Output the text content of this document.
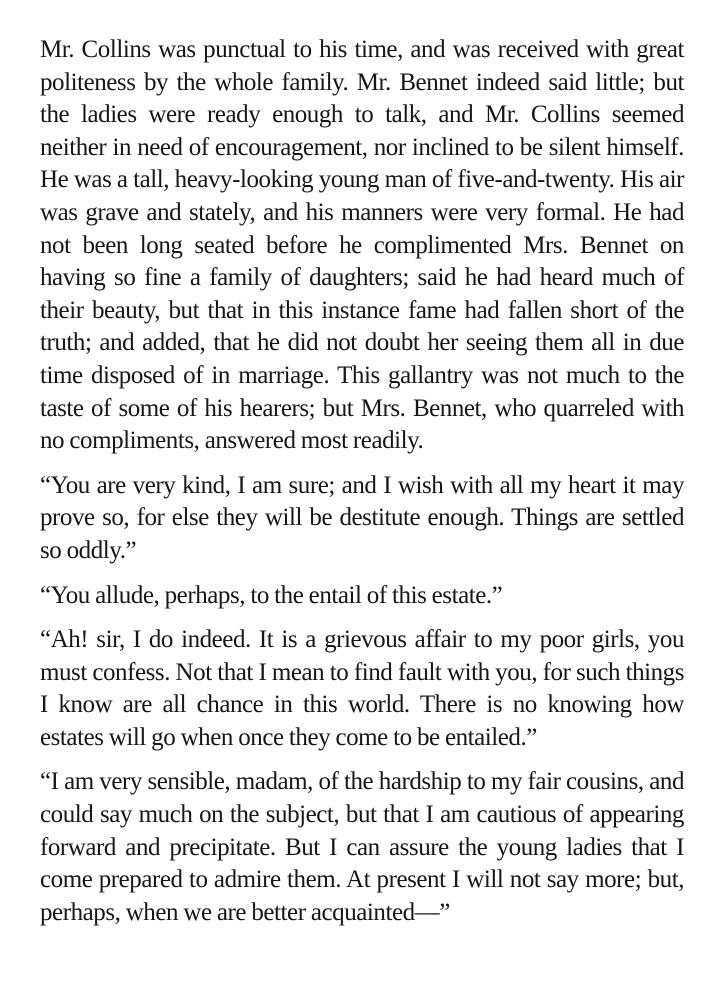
Mr. Collins was punctual to his time, and was received with great politeness by the whole family. Mr. Bennet indeed said little; but the ladies were ready enough to talk, and Mr. Collins seemed neither in need of encouragement, nor inclined to be silent himself. He was a tall, heavy-looking young man of five-and-twenty. His air was grave and stately, and his manners were very formal. He had not been long seated before he complimented Mrs. Bennet on having so fine a family of daughters; said he had heard much of their beauty, but that in this instance fame had fallen short of the truth; and added, that he did not doubt her seeing them all in due time disposed of in marriage. This gallantry was not much to the taste of some of his hearers; but Mrs. Bennet, who quarreled with no compliments, answered most readily.

“You are very kind, I am sure; and I wish with all my heart it may prove so, for else they will be destitute enough. Things are settled so oddly.”

“You allude, perhaps, to the entail of this estate.”

“Ah! sir, I do indeed. It is a grievous affair to my poor girls, you must confess. Not that I mean to find fault with you, for such things I know are all chance in this world. There is no knowing how estates will go when once they come to be entailed.”

“I am very sensible, madam, of the hardship to my fair cousins, and could say much on the subject, but that I am cautious of appearing forward and precipitate. But I can assure the young ladies that I come prepared to admire them. At present I will not say more; but, perhaps, when we are better acquainted—”
